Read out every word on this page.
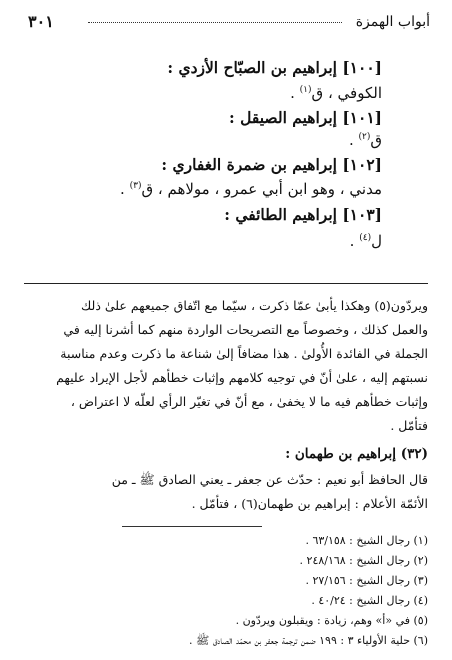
أبواب الهمزة
٣٠١
[١٠٠] إبراهيم بن الصبّاح الأزدي :
الكوفي ، ق$^{(١)}$ .
[١٠١] إبراهيم الصيقل :
ق$^{(٢)}$ .
[١٠٢] إبراهيم بن ضمرة الغفاري :
مدني ، وهو ابن أبي عمرو ، مولاهم ، ق$^{(٣)}$ .
[١٠٣] إبراهيم الطائفي :
ل$^{(٤)}$ .
ويردّون(٥) وهكذا يأبىٰ عمّا ذكرت ، سيّما مع اتّفاق جميعهم علىٰ ذلك
والعمل كذلك ، وخصوصاً مع التصريحات الواردة منهم كما أشرنا إليه في
الجملة في الفائدة الأُولىٰ . هذا مضافاً إلىٰ شناعة ما ذكرت وعدم مناسبة
نسبتهم إليه ، علىٰ أنّ في توجيه كلامهم وإثبات خطأهم لأجل الإيراد عليهم
وإثبات خطأهم فيه ما لا يخفىٰ ، مع أنّ في تغيّر الرأي لعلّه لا اعتراض ،
فتأمّل .
(٣٢) إبراهيم بن طهمان :
قال الحافظ أبو نعيم : حدّث عن جعفر ـ يعني الصادق ﷺ ـ من
الأئمّة الأعلام : إبراهيم بن طهمان(٦) ، فتأمّل .
(١) رجال الشيخ : ٦٣/١٥٨ .
(٢) رجال الشيخ : ٢٤٨/١٦٨ .
(٣) رجال الشيخ : ٢٧/١٥٦ .
(٤) رجال الشيخ : ٤٠/٢٤ .
(٥) في «أ» وهم، زيادة : ويقبلون ويردّون .
(٦) حلية الأولياء ٣ : ١٩٩ ضمن ترجمة جعفر بن محمّد الصادق ﷺ .
